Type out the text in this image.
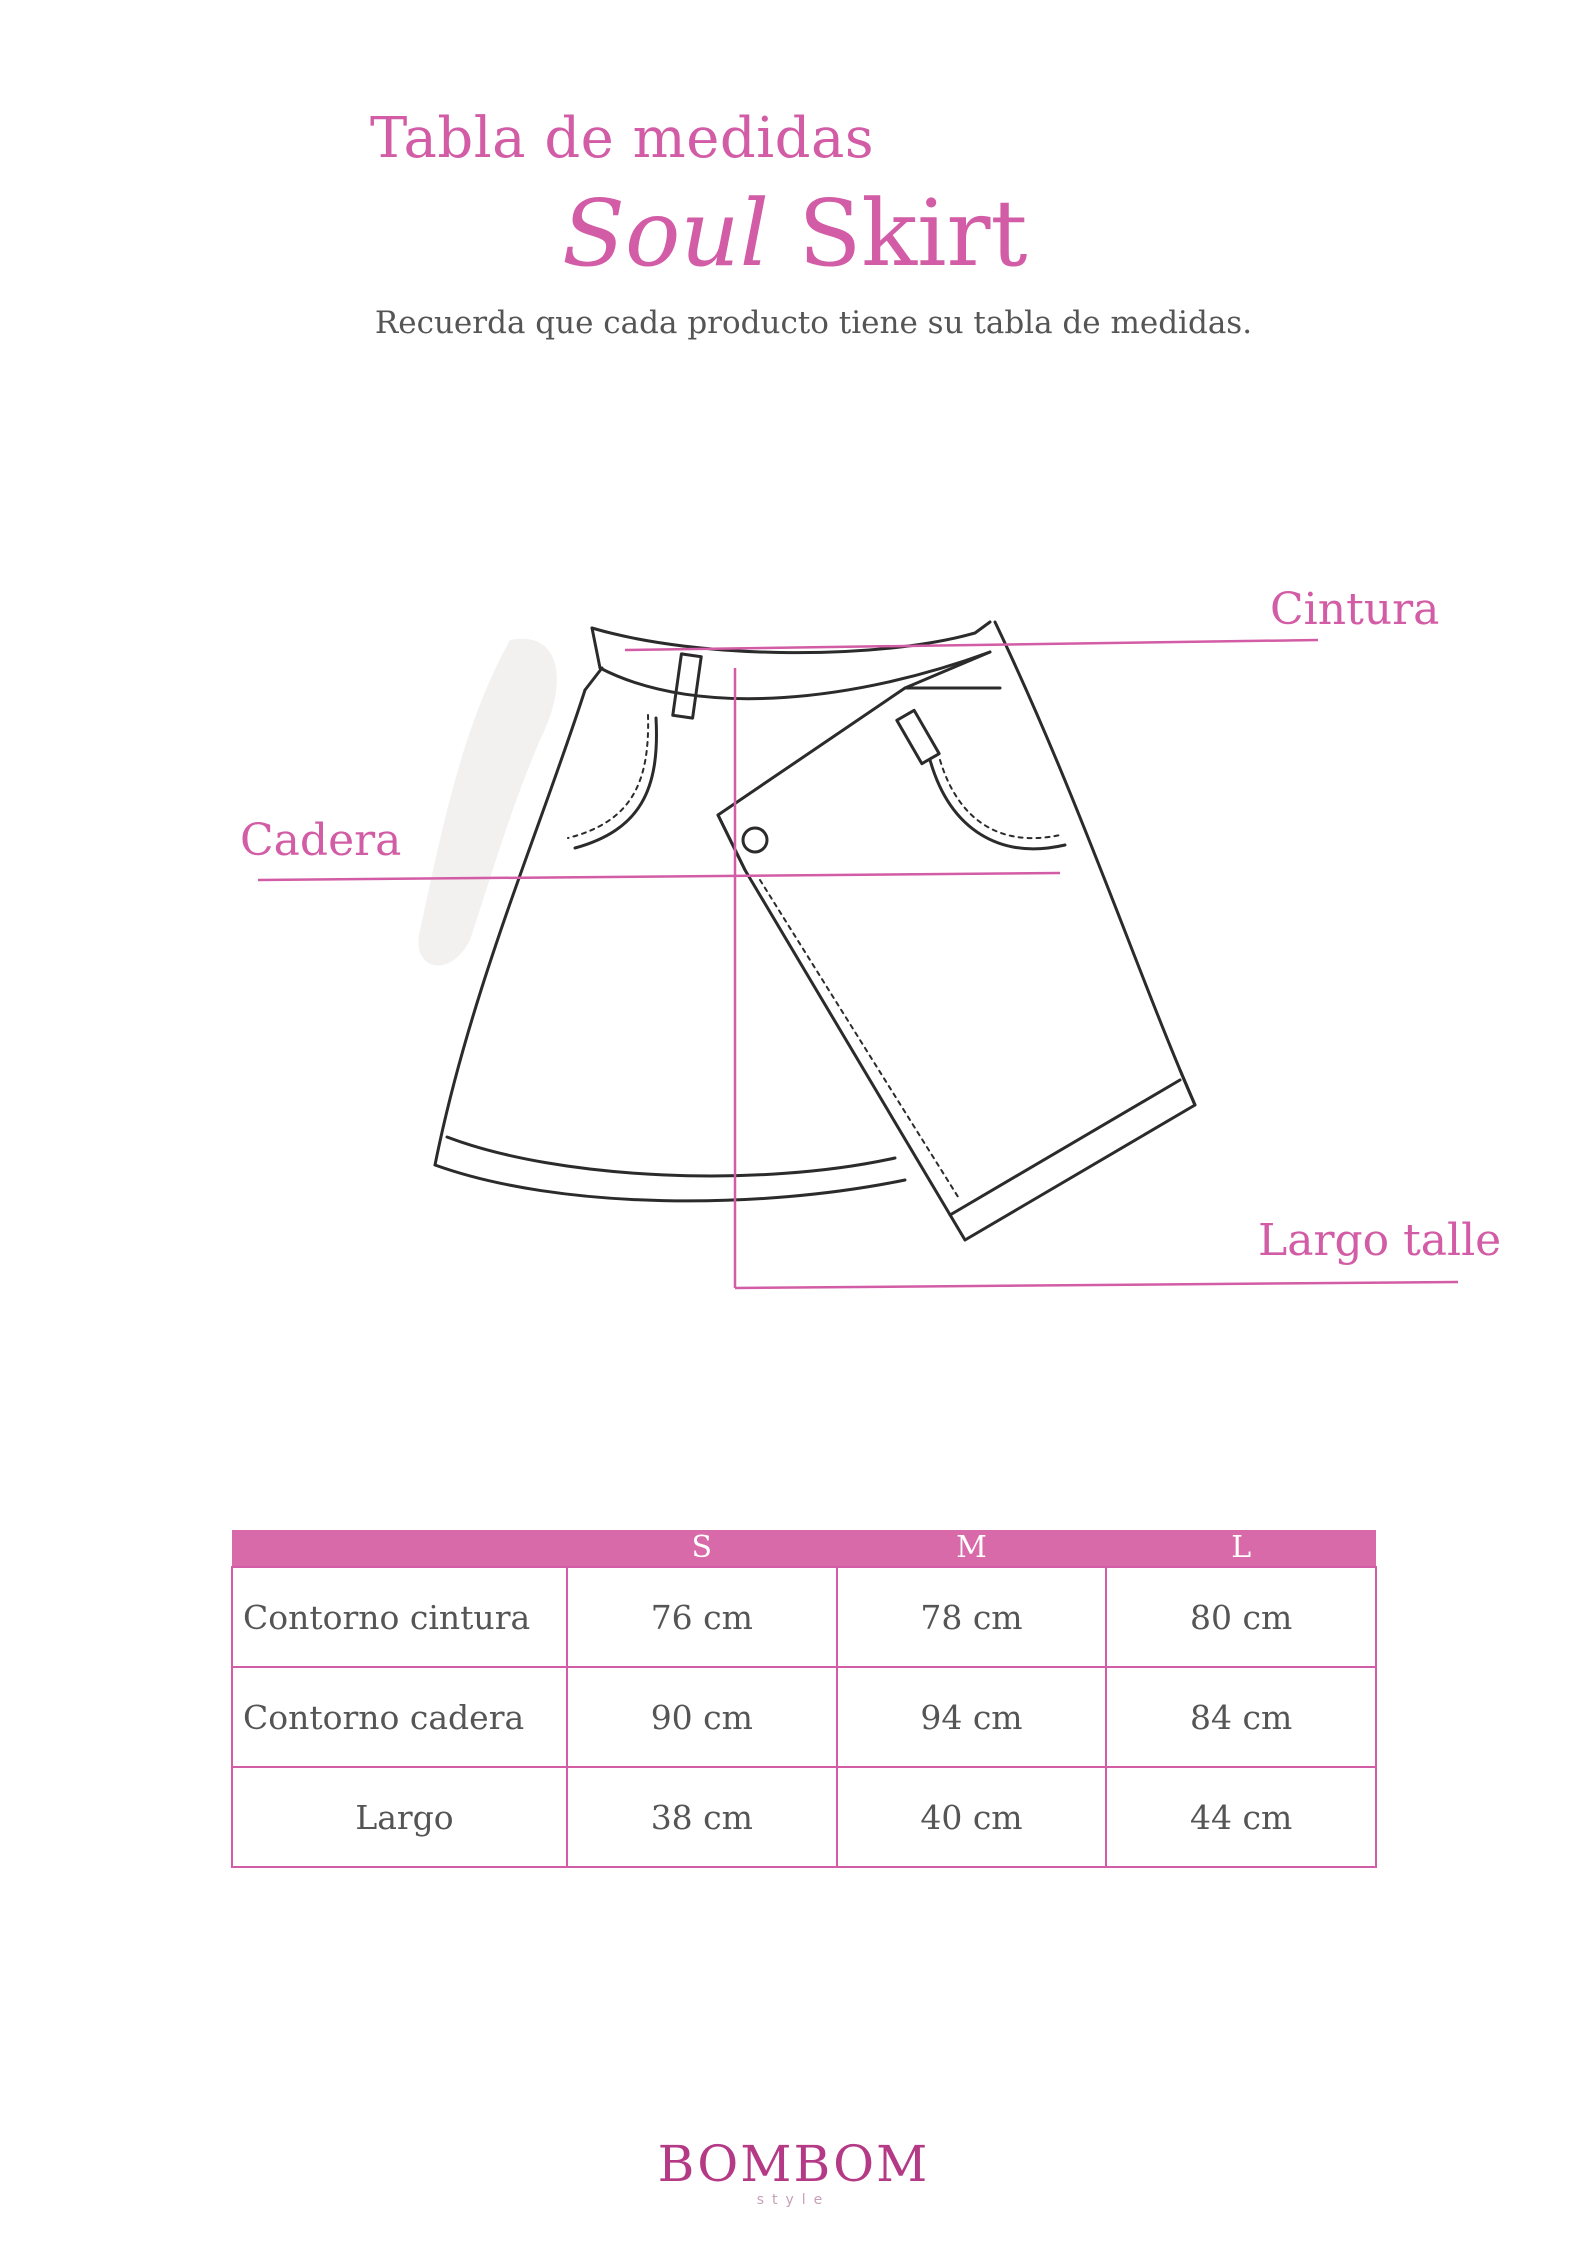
Tabla de medidas
Soul Skirt
Recuerda que cada producto tiene su tabla de medidas.
Cintura
Cadera
Largo talle
	S	M	L
Contorno cintura	76 cm	78 cm	80 cm
Contorno cadera	90 cm	94 cm	84 cm
Largo	38 cm	40 cm	44 cm
BOMBOM
style
